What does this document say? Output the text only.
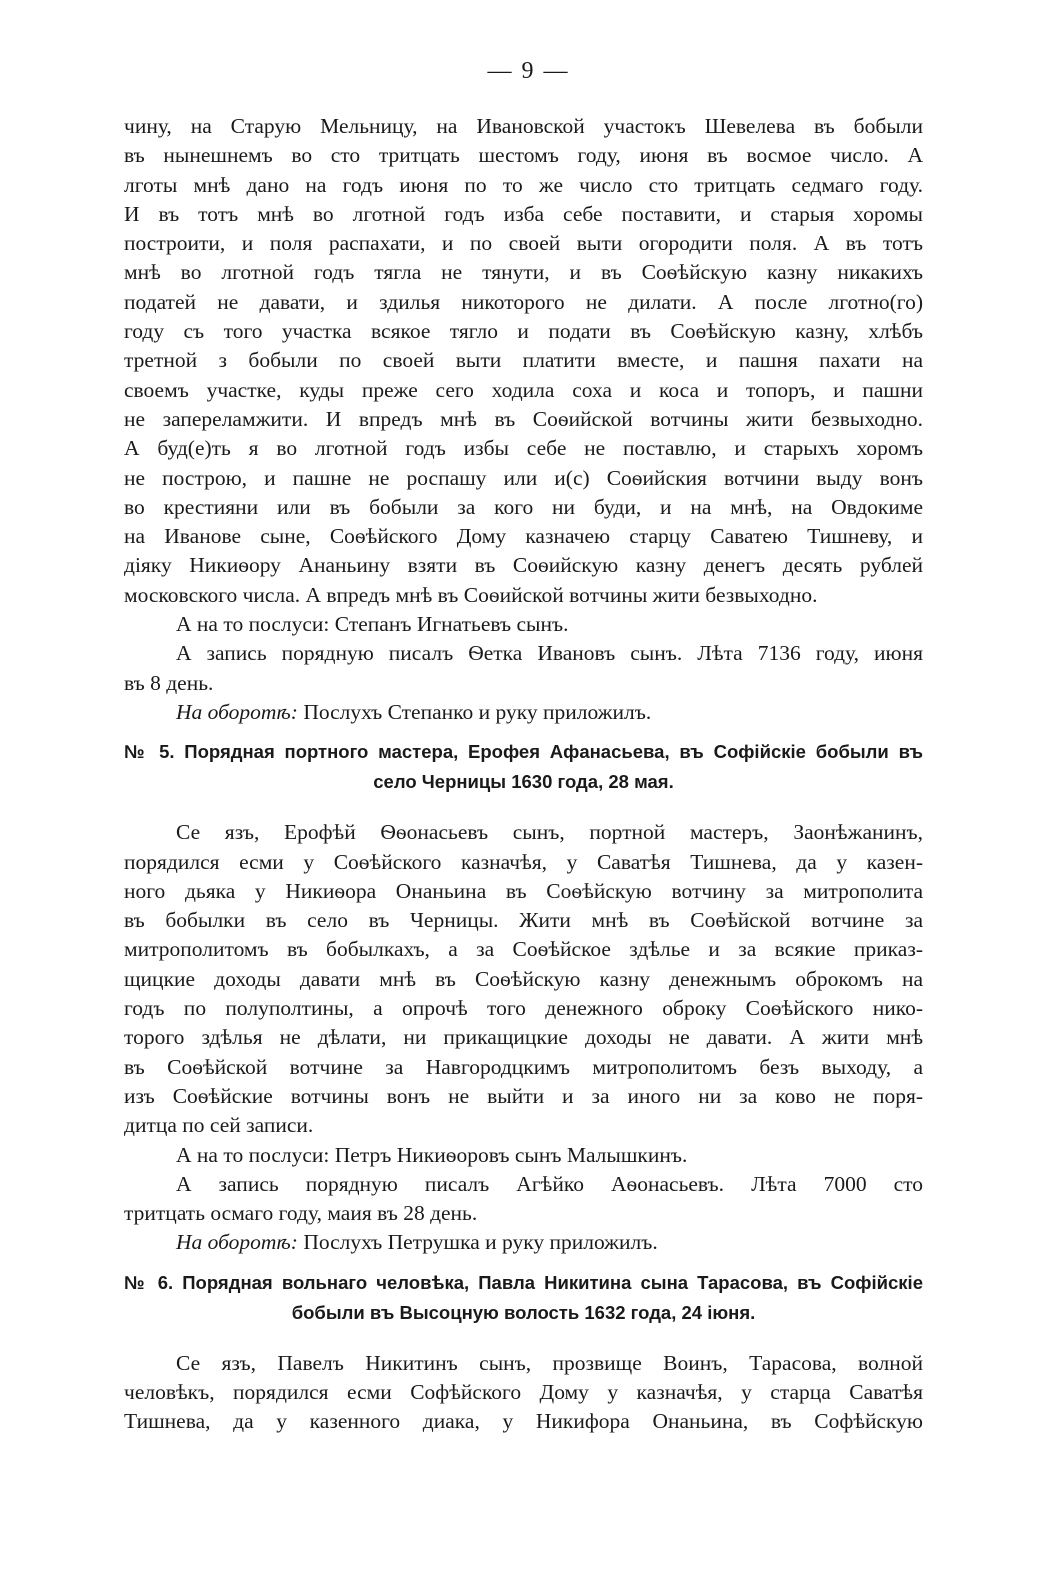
— 9 —
чину, на Старую Мельницу, на Ивановской участокъ Шевелева въ бобыли
въ нынешнемъ во сто тритцать шестомъ году, июня въ восмое число. А
лготы мнѣ дано на годъ июня по то же число сто тритцать седмаго году.
И въ тотъ мнѣ во лготной годъ изба себе поставити, и старыя хоромы
построити, и поля распахати, и по своей выти огородити поля. А въ тотъ
мнѣ во лготной годъ тягла не тянути, и въ Соѳѣйскую казну никакихъ
податей не давати, и здилья никоторого не дилати. А после лготно(го)
году съ того участка всякое тягло и подати въ Соѳѣйскую казну, хлѣбъ
третной з бобыли по своей выти платити вместе, и пашня пахати на
своемъ участке, куды преже сего ходила соха и коса и топоръ, и пашни
не запереламжити. И впредъ мнѣ въ Соѳийской вотчины жити безвыходно.
А буд(е)ть я во лготной годъ избы себе не поставлю, и старыхъ хоромъ
не построю, и пашне не роспашу или и(с) Соѳийския вотчини выду вонъ
во крестияни или въ бобыли за кого ни буди, и на мнѣ, на Овдокиме
на Иванове сыне, Соѳѣйского Дому казначею старцу Саватею Тишневу, и
діяку Никиѳору Ананьину взяти въ Соѳийскую казну денегъ десять рублей
московского числа. А впредъ мнѣ въ Соѳийской вотчины жити безвыходно.
А на то послуси: Степанъ Игнатьевъ сынъ.
А запись порядную писалъ Ѳетка Ивановъ сынъ. Лѣта 7136 году, июня
въ 8 день.
На оборотѣ: Послухъ Степанко и руку приложилъ.
№ 5. Порядная портного мастера, Ерофея Афанасьева, въ Софійскіе бобыли въ
село Черницы 1630 года, 28 мая.
Се язъ, Ерофѣй Ѳѳонасьевъ сынъ, портной мастеръ, Заонѣжанинъ,
порядился есми у Соѳѣйского казначѣя, у Саватѣя Тишнева, да у казен-
ного дьяка у Никиѳора Онаньина въ Соѳѣйскую вотчину за митрополита
въ бобылки въ село въ Черницы. Жити мнѣ въ Соѳѣйской вотчине за
митрополитомъ въ бобылкахъ, а за Соѳѣйское здѣлье и за всякие приказ-
щицкие доходы давати мнѣ въ Соѳѣйскую казну денежнымъ оброкомъ на
годъ по полуполтины, а опрочѣ того денежного оброку Соѳѣйского нико-
торого здѣлья не дѣлати, ни прикащицкие доходы не давати. А жити мнѣ
въ Соѳѣйской вотчине за Навгородцкимъ митрополитомъ безъ выходу, а
изъ Соѳѣйские вотчины вонъ не выйти и за иного ни за ково не поря-
дитца по сей записи.
А на то послуси: Петръ Никиѳоровъ сынъ Малышкинъ.
А запись порядную писалъ Агѣйко Аѳонасьевъ. Лѣта 7000 сто
тритцать осмаго году, маия въ 28 день.
На оборотѣ: Послухъ Петрушка и руку приложилъ.
№ 6. Порядная вольнаго человѣка, Павла Никитина сына Тарасова, въ Софійскіе
бобыли въ Высоцную волость 1632 года, 24 іюня.
Се язъ, Павелъ Никитинъ сынъ, прозвище Воинъ, Тарасова, волной
человѣкъ, порядился есми Софѣйского Дому у казначѣя, у старца Саватѣя
Тишнева, да у казенного диака, у Никифора Онаньина, въ Софѣйскую
